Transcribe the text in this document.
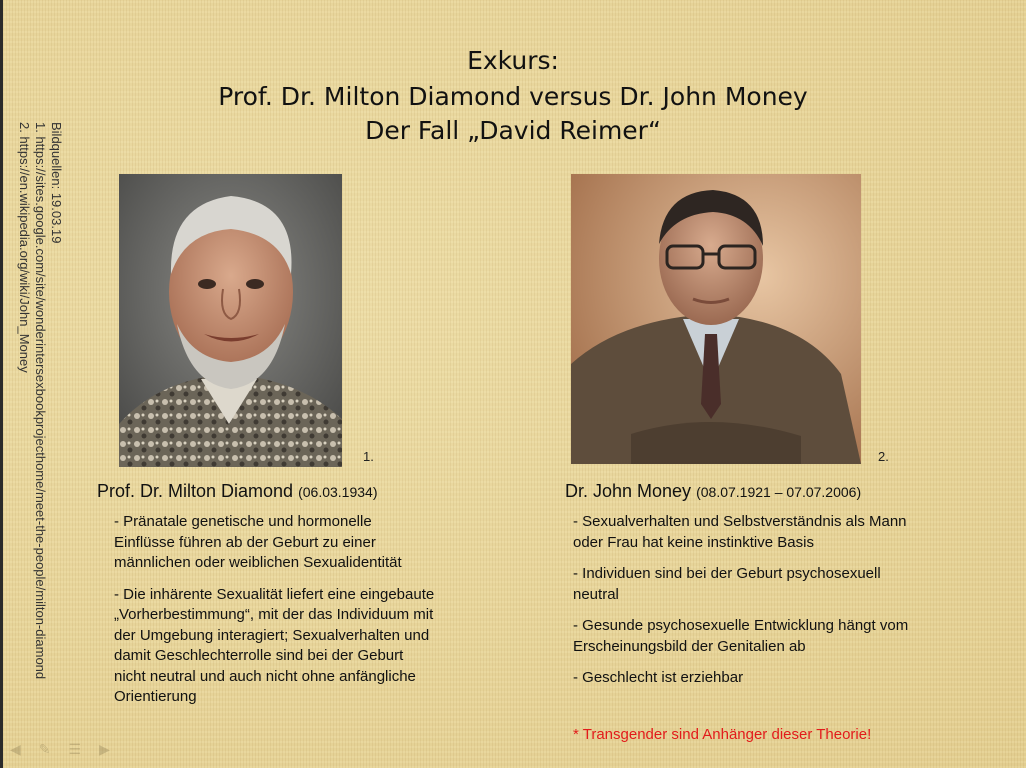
Exkurs:
Prof. Dr. Milton Diamond versus Dr. John Money
Der Fall „David Reimer“
Bildquellen: 19.03.19
1. https://sites.google.com/site/wonderintersexbookprojecthome/meet-the-people/milton-diamond
2. https://en.wikipedia.org/wiki/John_Money
1.	2.
Prof. Dr. Milton Diamond (06.03.1934)	Dr. John Money (08.07.1921 – 07.07.2006)
- Pränatale genetische und hormonelle Einflüsse führen ab der Geburt zu einer männlichen oder weiblichen Sexualidentität
- Die inhärente Sexualität liefert eine eingebaute „Vorherbestimmung“, mit der das Individuum mit der Umgebung interagiert; Sexualverhalten und damit Geschlechterrolle sind bei der Geburt nicht neutral und auch nicht ohne anfängliche Orientierung
- Sexualverhalten und Selbstverständnis als Mann oder Frau hat keine instinktive Basis
- Individuen sind bei der Geburt psychosexuell neutral
- Gesunde psychosexuelle Entwicklung hängt vom Erscheinungsbild der Genitalien ab
- Geschlecht ist erziehbar
* Transgender sind Anhänger dieser Theorie!
◀ ✎ ☰ ▶
